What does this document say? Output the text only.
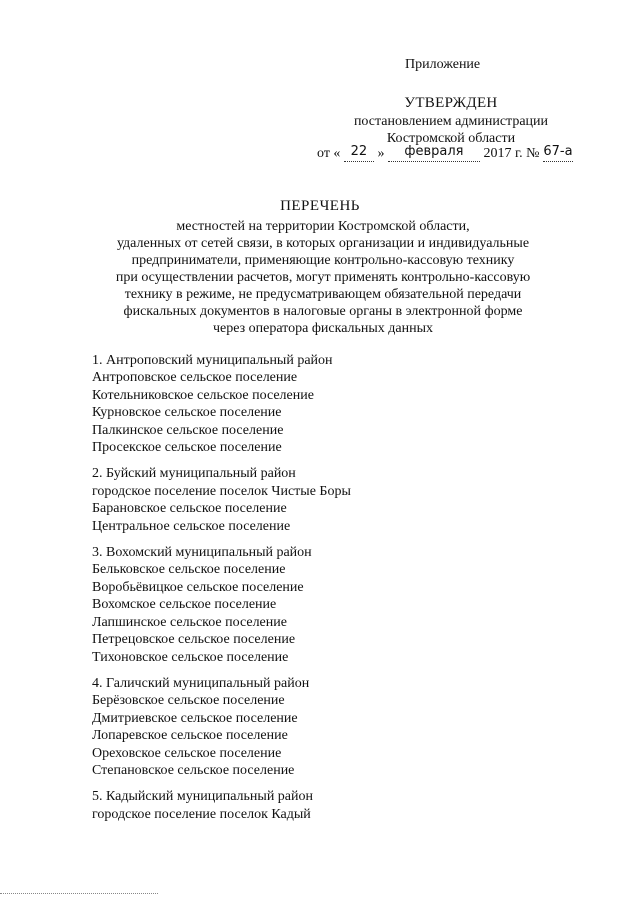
Приложение
УТВЕРЖДЕН
постановлением администрации
Костромской области
от « 22 » февраля 2017 г. № 67-а
ПЕРЕЧЕНЬ
местностей на территории Костромской области,
удаленных от сетей связи, в которых организации и индивидуальные
предприниматели, применяющие контрольно-кассовую технику
при осуществлении расчетов, могут применять контрольно-кассовую
технику в режиме, не предусматривающем обязательной передачи
фискальных документов в налоговые органы в электронной форме
через оператора фискальных данных
1. Антроповский муниципальный район
Антроповское сельское поселение
Котельниковское сельское поселение
Курновское сельское поселение
Палкинское сельское поселение
Просекское сельское поселение
2. Буйский муниципальный район
городское поселение поселок Чистые Боры
Барановское сельское поселение
Центральное сельское поселение
3. Вохомский муниципальный район
Бельковское сельское поселение
Воробьёвицкое сельское поселение
Вохомское сельское поселение
Лапшинское сельское поселение
Петрецовское сельское поселение
Тихоновское сельское поселение
4. Галичский муниципальный район
Берёзовское сельское поселение
Дмитриевское сельское поселение
Лопаревское сельское поселение
Ореховское сельское поселение
Степановское сельское поселение
5. Кадыйский муниципальный район
городское поселение поселок Кадый
